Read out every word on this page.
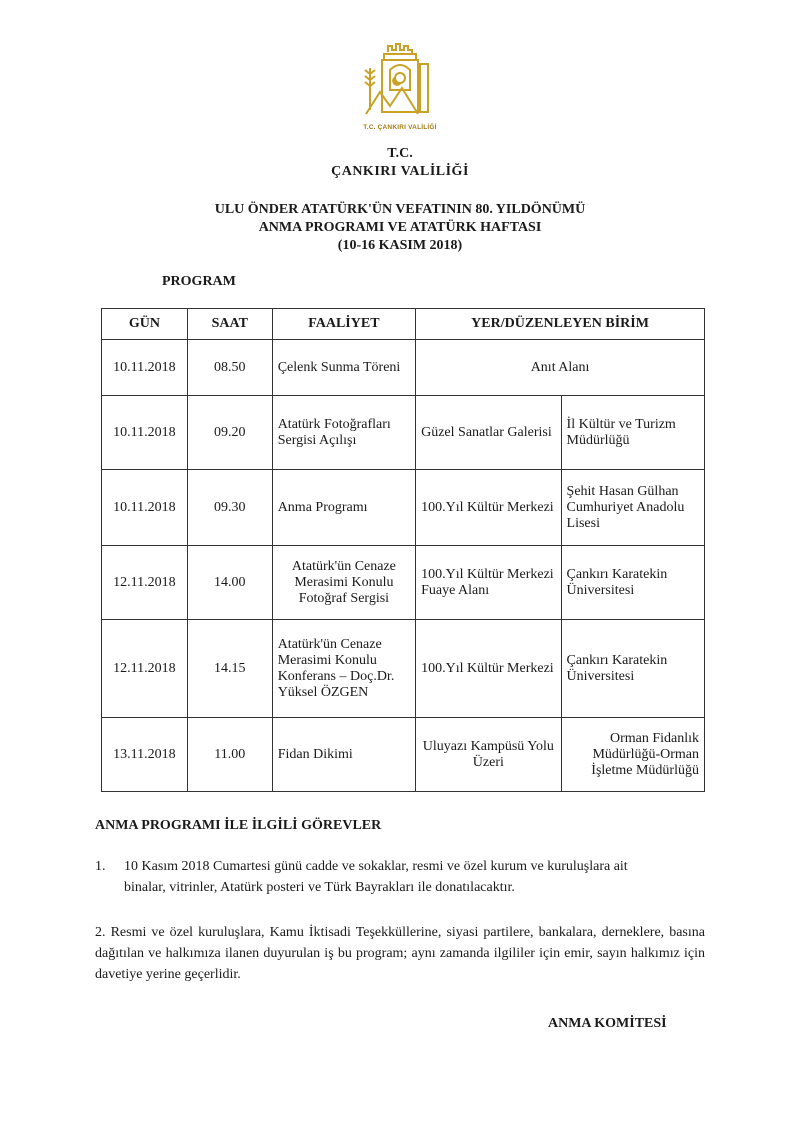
T.C. ÇANKIRI VALİLİĞİ
T.C.
ÇANKIRI VALİLİĞİ
ULU ÖNDER ATATÜRK'ÜN VEFATININ 80. YILDÖNÜMÜ
ANMA PROGRAMI VE ATATÜRK HAFTASI
(10-16 KASIM 2018)
PROGRAM
GÜN	SAAT	FAALİYET	YER/DÜZENLEYEN BİRİM	
10.11.2018	08.50	Çelenk Sunma Töreni	Anıt Alanı	
10.11.2018	09.20	Atatürk Fotoğrafları Sergisi Açılışı	Güzel Sanatlar Galerisi	İl Kültür ve Turizm Müdürlüğü
10.11.2018	09.30	Anma Programı	100.Yıl Kültür Merkezi	Şehit Hasan Gülhan Cumhuriyet Anadolu Lisesi
12.11.2018	14.00	Atatürk'ün Cenaze Merasimi Konulu Fotoğraf Sergisi	100.Yıl Kültür Merkezi Fuaye Alanı	Çankırı Karatekin Üniversitesi
12.11.2018	14.15	Atatürk'ün Cenaze Merasimi Konulu Konferans – Doç.Dr. Yüksel ÖZGEN	100.Yıl Kültür Merkezi	Çankırı Karatekin Üniversitesi
13.11.2018	11.00	Fidan Dikimi	Uluyazı Kampüsü Yolu Üzeri	Orman Fidanlık Müdürlüğü-Orman İşletme Müdürlüğü
ANMA PROGRAMI İLE İLGİLİ GÖREVLER
1. 10 Kasım 2018 Cumartesi günü cadde ve sokaklar, resmi ve özel kurum ve kuruluşlara ait
binalar, vitrinler, Atatürk posteri ve Türk Bayrakları ile donatılacaktır.
2. Resmi ve özel kuruluşlara, Kamu İktisadi Teşekküllerine, siyasi partilere, bankalara, derneklere, basına dağıtılan ve halkımıza ilanen duyurulan iş bu program; aynı zamanda ilgililer için emir, sayın halkımız için davetiye yerine geçerlidir.
ANMA KOMİTESİ
